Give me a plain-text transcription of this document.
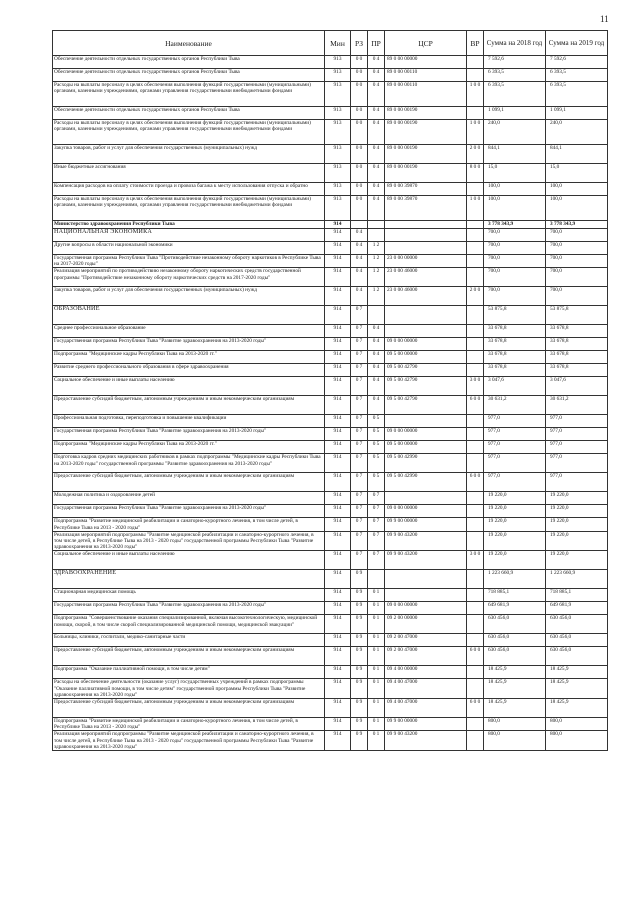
11
Наименование	Мин	РЗ	ПР	ЦСР	ВР	Сумма на 2018 год	Сумма на 2019 год
Обеспечение деятельности отдельных государственных органов Республики Тыва	913	0 0	0 4	89 0 00 00000		7 592,6	7 592,6
Обеспечение деятельности отдельных государственных органов Республики Тыва	913	0 0	0 4	89 0 00 00110		6 393,5	6 393,5
Расходы на выплаты персоналу в целях обеспечения выполнения функций государственными (муниципальными) органами, казенными учреждениями, органами управления государственными внебюджетными фондами	913	0 0	0 4	89 0 00 00110	1 0 0	6 393,5	6 393,5
Обеспечение деятельности отдельных государственных органов Республики Тыва	913	0 0	0 4	89 0 00 00190		1 099,1	1 099,1
Расходы на выплаты персоналу в целях обеспечения выполнения функций государственными (муниципальными) органами, казенными учреждениями, органами управления государственными внебюджетными фондами	913	0 0	0 4	89 0 00 00190	1 0 0	240,0	240,0
Закупка товаров, работ и услуг для обеспечения государственных (муниципальных) нужд	913	0 0	0 4	89 0 00 00190	2 0 0	844,1	844,1
Иные бюджетные ассигнования	913	0 0	0 4	89 0 00 00190	8 0 0	15,0	15,0
Компенсация расходов на оплату стоимости проезда и провоза багажа к месту использования отпуска и обратно	913	0 0	0 4	89 0 00 39870		100,0	100,0
Расходы на выплаты персоналу в целях обеспечения выполнения функций государственными (муниципальными) органами, казенными учреждениями, органами управления государственными внебюджетными фондами	913	0 0	0 4	89 0 00 39870	1 0 0	100,0	100,0
Министерство здравоохранения Республики Тыва	914					3 778 343,9	3 778 343,9
НАЦИОНАЛЬНАЯ ЭКОНОМИКА	914	0 4				700,0	700,0
Другие вопросы в области национальной экономики	914	0 4	1 2			700,0	700,0
Государственная программа Республики Тыва "Противодействие незаконному обороту наркотиков в Республике Тыва на 2017-2020 годы"	914	0 4	1 2	23 0 00 00000		700,0	700,0
Реализация мероприятий по противодействию незаконному обороту наркотических средств государственной программы "Противодействие незаконному обороту наркотических средств на 2017-2020 годы"	914	0 4	1 2	23 0 00 46000		700,0	700,0
Закупка товаров, работ и услуг для обеспечения государственных (муниципальных) нужд	914	0 4	1 2	23 0 00 46000	2 0 0	700,0	700,0
ОБРАЗОВАНИЕ	914	0 7				53 875,8	53 875,8
Среднее профессиональное образование	914	0 7	0 4			33 678,8	33 678,8
Государственная программа Республики Тыва "Развитие здравоохранения на 2013-2020 годы"	914	0 7	0 4	09 0 00 00000		33 678,8	33 678,8
Подпрограмма "Медицинские кадры Республики Тыва на 2013-2020 гг."	914	0 7	0 4	09 5 00 00000		33 678,8	33 678,8
Развитие среднего профессионального образования в сфере здравоохранения	914	0 7	0 4	09 5 00 42790		33 678,8	33 678,8
Социальное обеспечение и иные выплаты населению	914	0 7	0 4	09 5 00 42790	3 0 0	3 047,6	3 047,6
Предоставление субсидий бюджетным, автономным учреждениям и иным некоммерческим организациям	914	0 7	0 4	09 5 00 42790	6 0 0	30 631,2	30 631,2
Профессиональная подготовка, переподготовка и повышение квалификации	914	0 7	0 5			977,0	977,0
Государственная программа Республики Тыва "Развитие здравоохранения на 2013-2020 годы"	914	0 7	0 5	09 0 00 00000		977,0	977,0
Подпрограмма "Медицинские кадры Республики Тыва на 2013-2020 гг."	914	0 7	0 5	09 5 00 00000		977,0	977,0
Подготовка кадров средних медицинских работников в рамках подпрограммы "Медицинские кадры Республики Тыва на 2013-2020 годы" государственной программы "Развитие здравоохранения на 2013-2020 годы"	914	0 7	0 5	09 5 00 42990		977,0	977,0
Предоставление субсидий бюджетным, автономным учреждениям и иным некоммерческим организациям	914	0 7	0 5	09 5 00 42990	6 0 0	977,0	977,0
Молодежная политика и оздоровление детей	914	0 7	0 7			19 220,0	19 220,0
Государственная программа Республики Тыва "Развитие здравоохранения на 2013-2020 годы"	914	0 7	0 7	09 0 00 00000		19 220,0	19 220,0
Подпрограмма "Развитие медицинской реабилитации и санаторно-курортного лечения, в том числе детей, в Республике Тыва на 2013 - 2020 годы"	914	0 7	0 7	09 9 00 00000		19 220,0	19 220,0
Реализация мероприятий подпрограммы "Развитие медицинской реабилитации и санаторно-курортного лечения, в том числе детей, в Республике Тыва на 2013 - 2020 годы" государственной программы Республики Тыва "Развитие здравоохранения на 2013-2020 годы"	914	0 7	0 7	09 9 00 43200		19 220,0	19 220,0
Социальное обеспечение и иные выплаты населению	914	0 7	0 7	09 9 00 43200	3 0 0	19 220,0	19 220,0
ЗДРАВООХРАНЕНИЕ	914	0 9				1 223 660,9	1 223 660,9
Стационарная медицинская помощь	914	0 9	0 1			718 885,1	718 885,1
Государственная программа Республики Тыва "Развитие здравоохранения на 2013-2020 годы"	914	0 9	0 1	09 0 00 00000		649 681,9	649 681,9
Подпрограмма "Совершенствование оказания специализированной, включая высокотехнологическую, медицинской помощи, скорой, в том числе скорой специализированной медицинской помощи, медицинской эвакуации"	914	0 9	0 1	09 2 00 00000		630 456,0	630 456,0
Больницы, клиники, госпитали, медико-санитарные части	914	0 9	0 1	09 2 00 47000		630 456,0	630 456,0
Предоставление субсидий бюджетным, автономным учреждениям и иным некоммерческим организациям	914	0 9	0 1	09 2 00 47000	6 0 0	630 456,0	630 456,0
Подпрограмма "Оказание паллиативной помощи, в том числе детям"	914	0 9	0 1	09 4 00 00000		18 425,9	18 425,9
Расходы на обеспечение деятельности (оказание услуг) государственных учреждений в рамках подпрограммы "Оказание паллиативной помощи, в том числе детям" государственной программы Республики Тыва "Развитие здравоохранения на 2013-2020 годы"	914	0 9	0 1	09 4 00 47000		18 425,9	18 425,9
Предоставление субсидий бюджетным, автономным учреждениям и иным некоммерческим организациям	914	0 9	0 1	09 4 00 47000	6 0 0	18 425,9	18 425,9
Подпрограмма "Развитие медицинской реабилитации и санаторно-курортного лечения, в том числе детей, в Республике Тыва на 2013 - 2020 годы"	914	0 9	0 1	09 9 00 00000		800,0	800,0
Реализация мероприятий подпрограммы "Развитие медицинской реабилитации и санаторно-курортного лечения, в том числе детей, в Республике Тыва на 2013 - 2020 годы" государственной программы Республики Тыва "Развитие здравоохранения на 2013-2020 годы"	914	0 9	0 1	09 9 00 43200		800,0	800,0
